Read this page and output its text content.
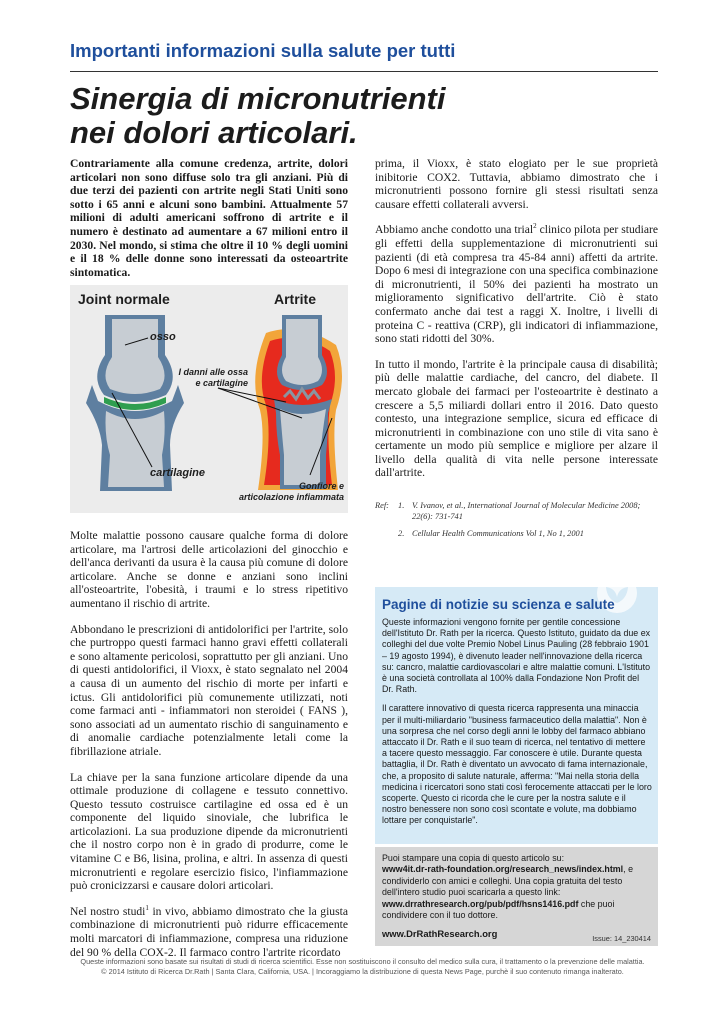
Importanti informazioni sulla salute per tutti
Sinergia di micronutrienti
nei dolori articolari.
Contrariamente alla comune credenza, artrite, dolori articolari non sono diffuse solo tra gli anziani. Più di due terzi dei pazienti con artrite negli Stati Uniti sono sotto i 65 anni e alcuni sono bambini. Attualmente 57 milioni di adulti americani soffrono di artrite e il numero è destinato ad aumentare a 67 milioni entro il 2030. Nel mondo, si stima che oltre il 10 % degli uomini e il 18 % delle donne sono interessati da osteoartrite sintomatica.
Joint normale	Artrite
osso
I danni alle ossa
e cartilagine
cartilagine
Gonfiore e
articolazione infiammata

Molte malattie possono causare qualche forma di dolore articolare, ma l'artrosi delle articolazioni del ginocchio e dell'anca derivanti da usura è la causa più comune di dolore articolare. Anche se donne e anziani sono inclini all'osteoartrite, l'obesità, i traumi e lo stress ripetitivo aumentano il rischio di artrite.

Abbondano le prescrizioni di antidolorifici per l'artrite, solo che purtroppo questi farmaci hanno gravi effetti collaterali e sono altamente pericolosi, soprattutto per gli anziani. Uno di questi antidolorifici, il Vioxx, è stato segnalato nel 2004 a causa di un aumento del rischio di morte per infarti e ictus. Gli antidolorifici più comunemente utilizzati, noti come farmaci anti - infiammatori non steroidei ( FANS ), sono associati ad un aumentato rischio di sanguinamento e di anomalie cardiache potenzialmente letali come la fibrillazione atriale.

La chiave per la sana funzione articolare dipende da una ottimale produzione di collagene e tessuto connettivo. Questo tessuto costruisce cartilagine ed ossa ed è un componente del liquido sinoviale, che lubrifica le articolazioni. La sua produzione dipende da micronutrienti che il nostro corpo non è in grado di produrre, come le vitamine C e B6, lisina, prolina, e altri. In assenza di questi micronutrienti e regolare esercizio fisico, l'infiammazione può cronicizzarsi e causare dolori articolari.

Nel nostro studi$^1$ in vivo, abbiamo dimostrato che la giusta combinazione di micronutrienti può ridurre efficacemente molti marcatori di infiammazione, compresa una riduzione del 90 % della COX-2. Il farmaco contro l'artrite ricordato

prima, il Vioxx, è stato elogiato per le sue proprietà inibitorie COX2. Tuttavia, abbiamo dimostrato che i micronutrienti possono fornire gli stessi risultati senza causare effetti collaterali avversi.

Abbiamo anche condotto una trial$^2$ clinico pilota per studiare gli effetti della supplementazione di micronutrienti sui pazienti (di età compresa tra 45-84 anni) affetti da artrite. Dopo 6 mesi di integrazione con una specifica combinazione di micronutrienti, il 50% dei pazienti ha mostrato un miglioramento significativo dell'artrite. Ciò è stato confermato anche dai test a raggi X. Inoltre, i livelli di proteina C - reattiva (CRP), gli indicatori di infiammazione, sono stati ridotti del 30%.

In tutto il mondo, l'artrite è la principale causa di disabilità; più delle malattie cardiache, del cancro, del diabete. Il mercato globale dei farmaci per l'osteoartrite è destinato a crescere a 5,5 miliardi dollari entro il 2016. Dato questo contesto, una integrazione semplice, sicura ed efficace di micronutrienti in combinazione con uno stile di vita sano è certamente un modo più semplice e migliore per alzare il livello della qualità di vita nelle persone interessate dall'artrite.

Ref:	1. V. Ivanov, et al., International Journal of Molecular Medicine 2008; 22(6): 731-741
2. Cellular Health Communications Vol 1, No 1, 2001
Pagine di notizie su scienza e salute

Queste informazioni vengono fornite per gentile concessione dell'Istituto Dr. Rath per la ricerca. Questo Istituto, guidato da due ex colleghi del due volte Premio Nobel Linus Pauling (28 febbraio 1901 – 19 agosto 1994), è divenuto leader nell'innovazione della ricerca su: cancro, malattie cardiovascolari e altre malattie comuni. L'Istituto è una società controllata al 100% dalla Fondazione Non Profit del Dr. Rath.

Il carattere innovativo di questa ricerca rappresenta una minaccia per il multi-miliardario "business farmaceutico della malattia". Non è una sorpresa che nel corso degli anni le lobby del farmaco abbiano attaccato il Dr. Rath e il suo team di ricerca, nel tentativo di mettere a tacere questo messaggio. Far conoscere è utile. Durante questa battaglia, il Dr. Rath è diventato un avvocato di fama internazionale, che, a proposito di salute naturale, afferma: "Mai nella storia della medicina i ricercatori sono stati così ferocemente attaccati per le loro scoperte. Questo ci ricorda che le cure per la nostra salute e il nostro benessere non sono così scontate e volute, ma dobbiamo lottare per conquistarle".

Puoi stampare una copia di questo articolo su:
www4it.dr-rath-foundation.org/research_news/index.html, e condividerlo con amici e colleghi. Una copia gratuita del testo dell'intero studio puoi scaricarla a questo link:
www.drrathresearch.org/pub/pdf/hsns1416.pdf che puoi condividere con il tuo dottore.
www.DrRathResearch.org	Issue: 14_230414
Queste informazioni sono basate sui risultati di studi di ricerca scientifici. Esse non sostituiscono il consulto del medico sulla cura, il trattamento o la prevenzione delle malattia.
© 2014 Istituto di Ricerca Dr.Rath | Santa Clara, California, USA. | Incoraggiamo la distribuzione di questa News Page, purchè il suo contenuto rimanga inalterato.
